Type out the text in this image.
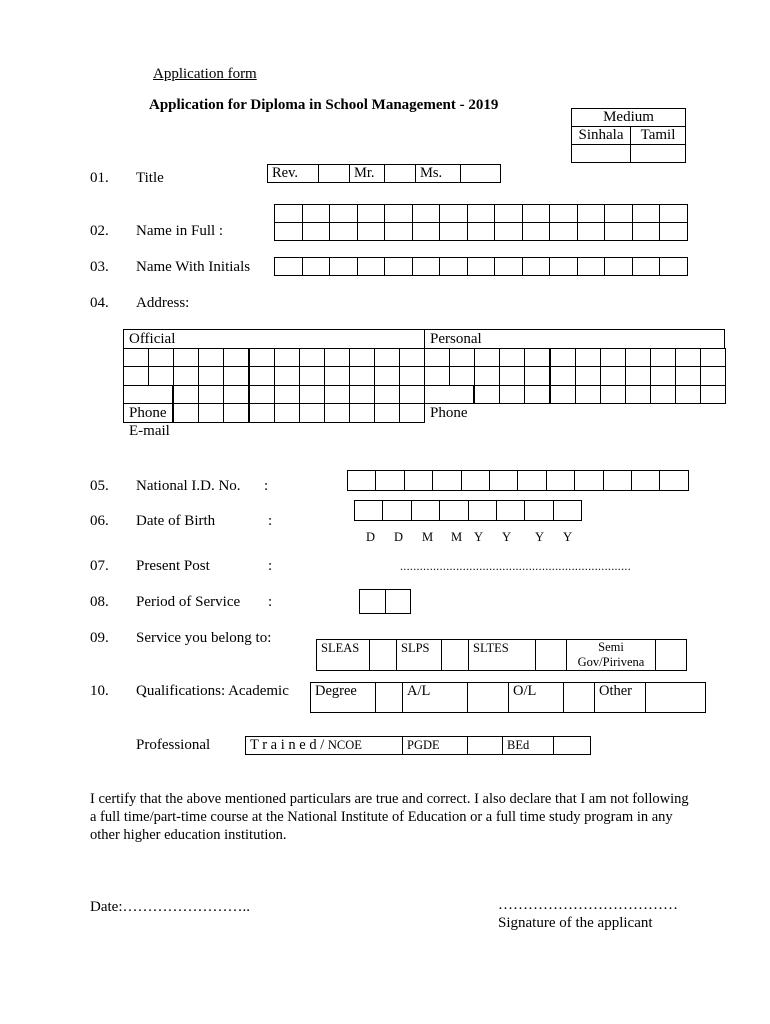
Application form
Application for Diploma in School Management - 2019
Medium	
Sinhala	Tamil

01. Title	Rev.		Mr.		Ms.	
02. Name in Full :
03. Name With Initials
04. Address:
Official	Personal
Phone	Phone
E-mail
05. National I.D. No. :
06. Date of Birth	:
D D M M Y Y Y Y
07. Present Post	:	......................................................................
08. Period of Service :
09. Service you belong to:
SLEAS		SLPS		SLTES		Semi Gov/Pirivena	
10. Qualifications: Academic Degree		A/L		O/L		Other	
Professional	T r a i n e d / NCOE	PGDE		BEd	
I certify that the above mentioned particulars are true and correct. I also declare that I am not following a full time/part-time course at the National Institute of Education or a full time study program in any other higher education institution.
Date:……………………..	………………………………
Signature of the applicant
